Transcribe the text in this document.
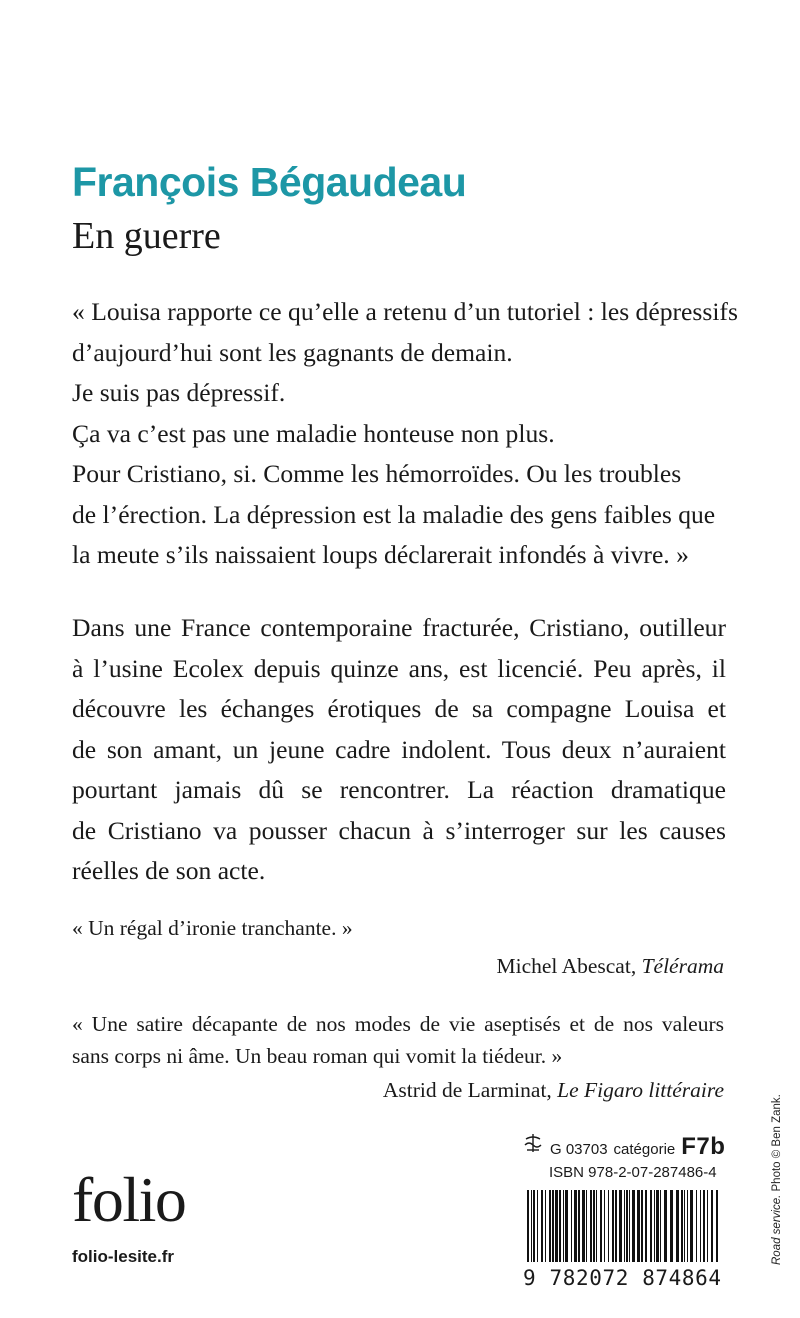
François Bégaudeau
En guerre
« Louisa rapporte ce qu’elle a retenu d’un tutoriel : les dépressifs
d’aujourd’hui sont les gagnants de demain.
Je suis pas dépressif.
Ça va c’est pas une maladie honteuse non plus.
Pour Cristiano, si. Comme les hémorroïdes. Ou les troubles
de l’érection. La dépression est la maladie des gens faibles que
la meute s’ils naissaient loups déclarerait infondés à vivre. »
Dans une France contemporaine fracturée, Cristiano, outilleur
à l’usine Ecolex depuis quinze ans, est licencié. Peu après, il
découvre les échanges érotiques de sa compagne Louisa et
de son amant, un jeune cadre indolent. Tous deux n’auraient
pourtant jamais dû se rencontrer. La réaction dramatique
de Cristiano va pousser chacun à s’interroger sur les causes
réelles de son acte.
« Un régal d’ironie tranchante. »
Michel Abescat, Télérama
« Une satire décapante de nos modes de vie aseptisés et de nos valeurs
sans corps ni âme. Un beau roman qui vomit la tiédeur. »
Astrid de Larminat, Le Figaro littéraire
G 03703 catégorie F7b
ISBN 978-2-07-287486-4
9 782072 874864
folio
folio-lesite.fr	Road service. Photo © Ben Zank.
